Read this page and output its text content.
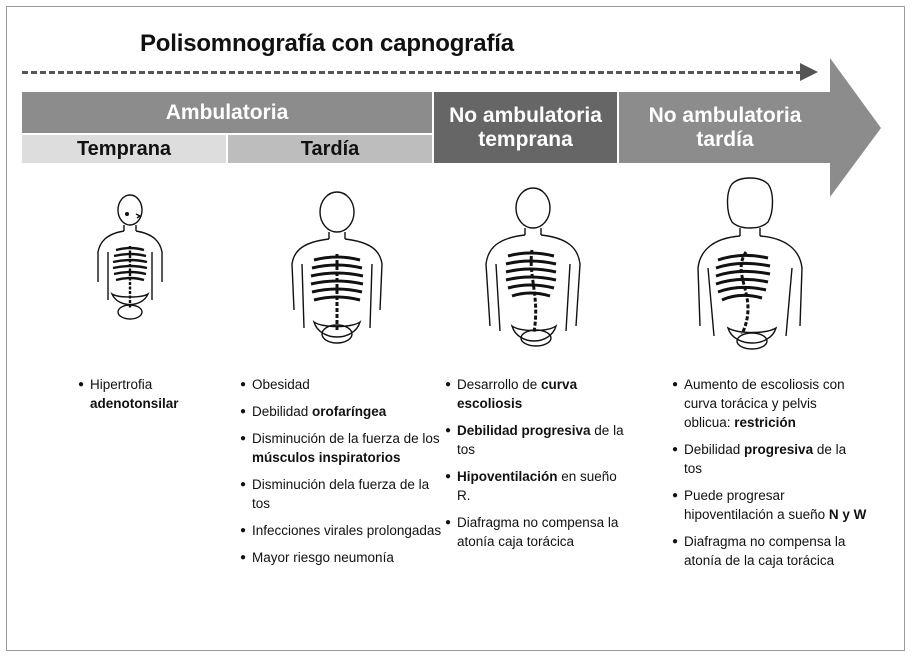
Polisomnografía con capnografía
Ambulatoria
Temprana	Tardía
No ambulatoria temprana
No ambulatoria tardía
● Hipertrofia adenotonsilar
● Obesidad
● Debilidad orofaríngea
● Disminución de la fuerza de los músculos inspiratorios
● Disminución dela fuerza de la tos
● Infecciones virales prolongadas
● Mayor riesgo neumonía
● Desarrollo de curva escoliosis
● Debilidad progresiva de la tos
● Hipoventilación en sueño R.
● Diafragma no compensa la atonía caja torácica
● Aumento de escoliosis con curva torácica y pelvis oblicua: restrición
● Debilidad progresiva de la tos
● Puede progresar hipoventilación a sueño N y W
● Diafragma no compensa la atonía de la caja torácica
